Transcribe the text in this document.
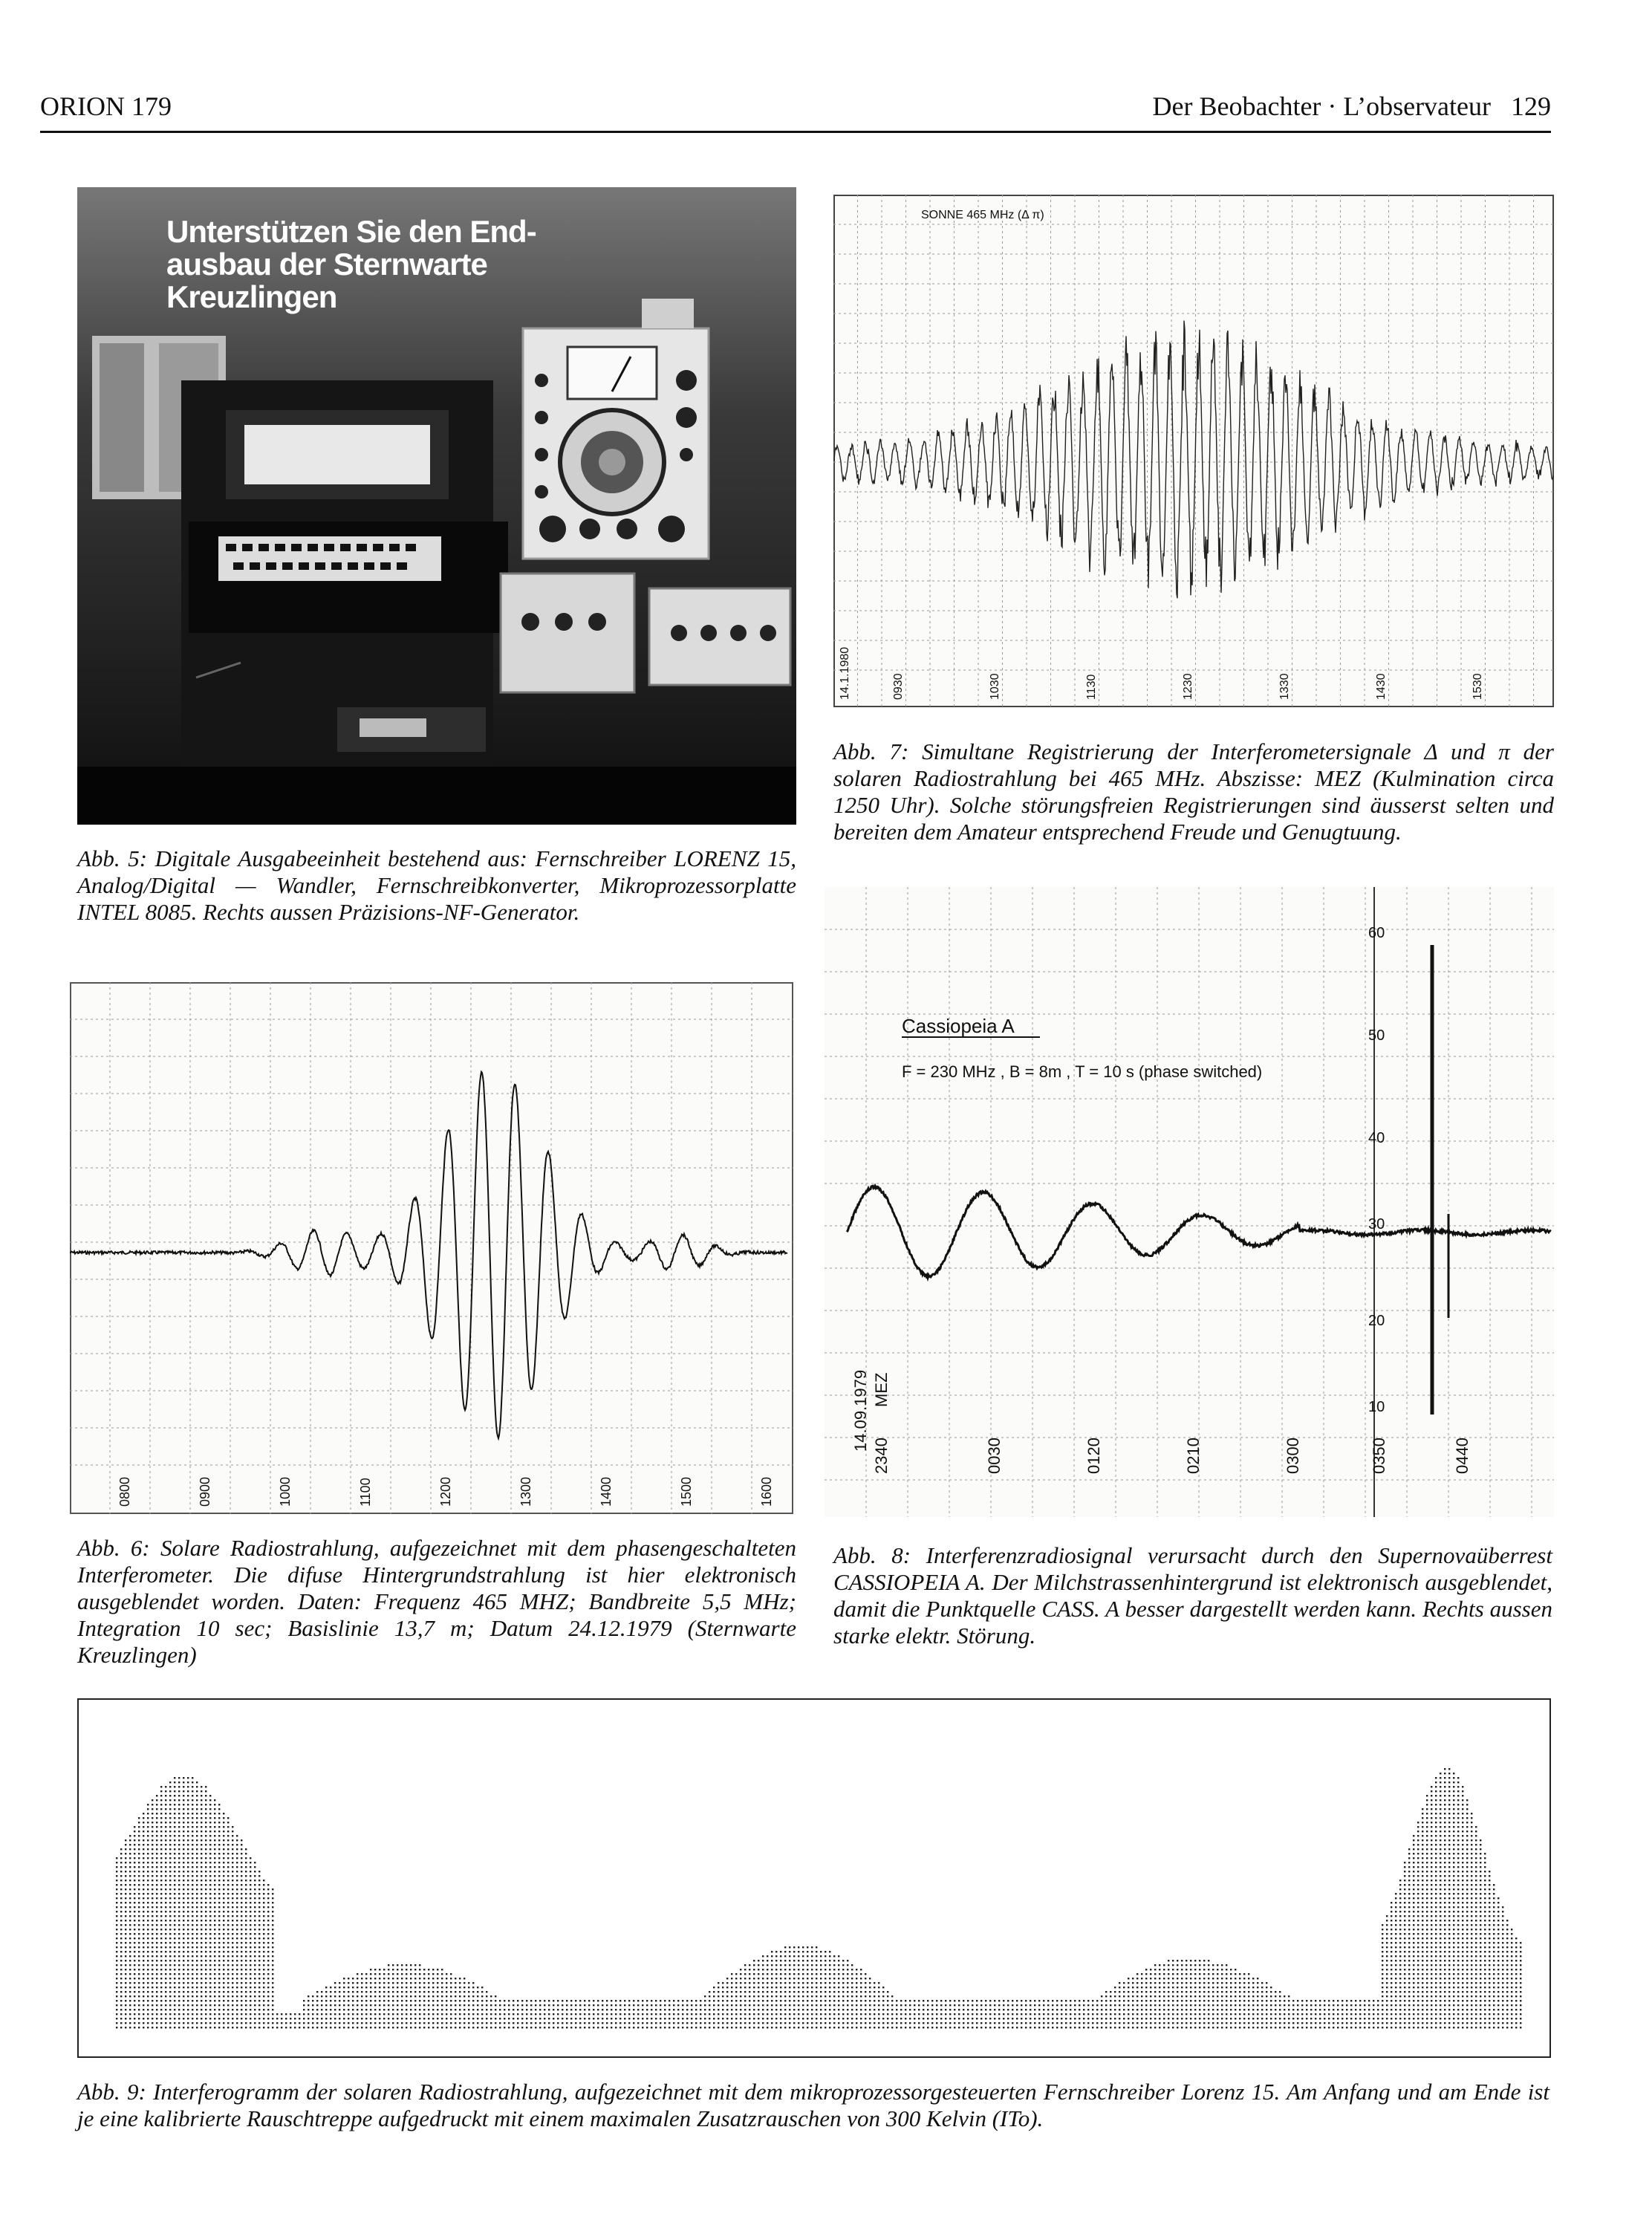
ORION 179	Der Beobachter · L’observateur 129
Unterstützen Sie den End-
ausbau der Sternwarte
Kreuzlingen
Abb. 5: Digitale Ausgabeeinheit bestehend aus: Fernschreiber LORENZ 15, Analog/Digital — Wandler, Fernschreibkonverter, Mikroprozessorplatte INTEL 8085. Rechts aussen Präzisions-NF-Generator.
SONNE 465 MHz (Δ π)
14.1.1980	0930	1030	1130	1230	1330	1430	1530
Abb. 7: Simultane Registrierung der Interferometersignale Δ und π der solaren Radiostrahlung bei 465 MHz. Abszisse: MEZ (Kulmination circa 1250 Uhr). Solche störungsfreien Registrierungen sind äusserst selten und bereiten dem Amateur entsprechend Freude und Genugtuung.
0800	0900	1000	1100	1200	1300	1400	1500	1600
Abb. 6: Solare Radiostrahlung, aufgezeichnet mit dem phasengeschalteten Interferometer. Die difuse Hintergrundstrahlung ist hier elektronisch ausgeblendet worden. Daten: Frequenz 465 MHZ; Bandbreite 5,5 MHz; Integration 10 sec; Basislinie 13,7 m; Datum 24.12.1979 (Sternwarte Kreuzlingen)
Cassiopeia A
F = 230 MHz , B = 8m , T = 10 s (phase switched)
60
50
40
30
20
10
14.09.1979 MEZ
2340	0030	0120	0210	0300	0350	0440
Abb. 8: Interferenzradiosignal verursacht durch den Supernovaüberrest CASSIOPEIA A. Der Milchstrassenhintergrund ist elektronisch ausgeblendet, damit die Punktquelle CASS. A besser dargestellt werden kann. Rechts aussen starke elektr. Störung.
Abb. 9: Interferogramm der solaren Radiostrahlung, aufgezeichnet mit dem mikroprozessorgesteuerten Fernschreiber Lorenz 15. Am Anfang und am Ende ist je eine kalibrierte Rauschtreppe aufgedruckt mit einem maximalen Zusatzrauschen von 300 Kelvin (ITo).
